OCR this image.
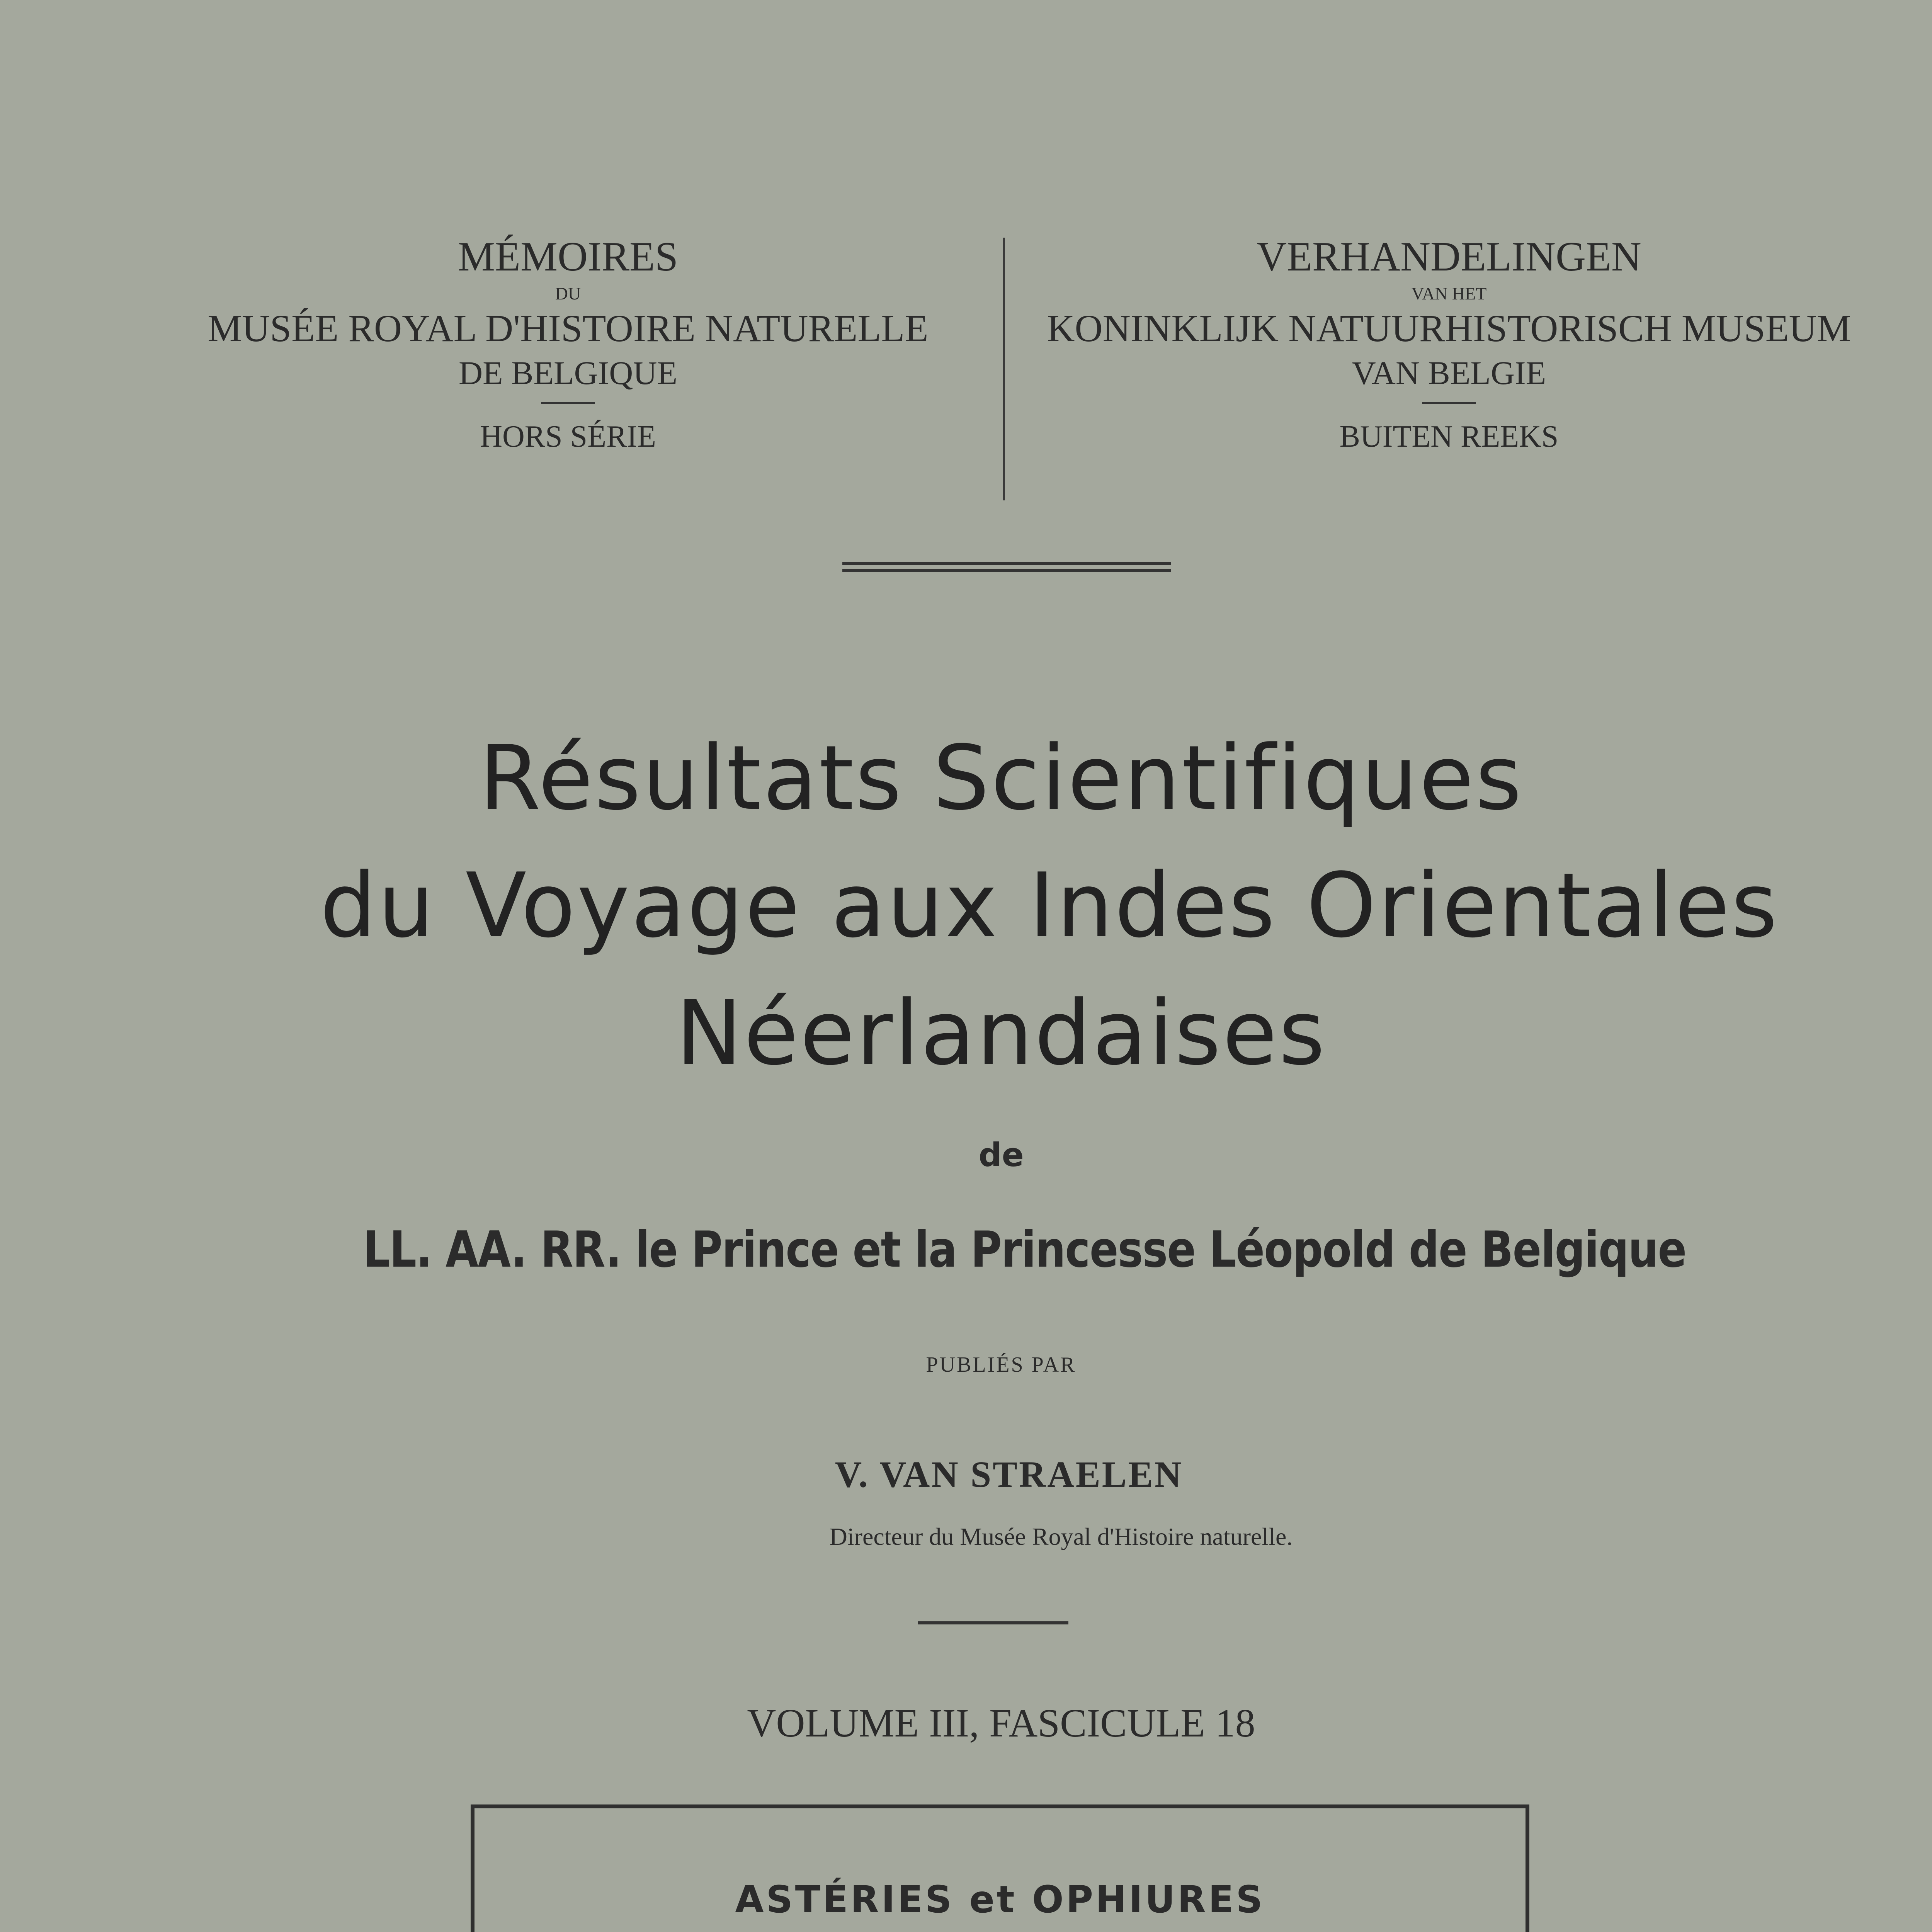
MÉMOIRES
DU
MUSÉE ROYAL D'HISTOIRE NATURELLE
DE BELGIQUE
HORS SÉRIE
VERHANDELINGEN
VAN HET
KONINKLIJK NATUURHISTORISCH MUSEUM
VAN BELGIE
BUITEN REEKS
Résultats Scientifiques
du Voyage aux Indes Orientales
Néerlandaises
de
LL. AA. RR. le Prince et la Princesse Léopold de Belgique
PUBLIÉS PAR
V. VAN STRAELEN
Directeur du Musée Royal d'Histoire naturelle.
VOLUME III, FASCICULE 18
ASTÉRIES et OPHIURES
